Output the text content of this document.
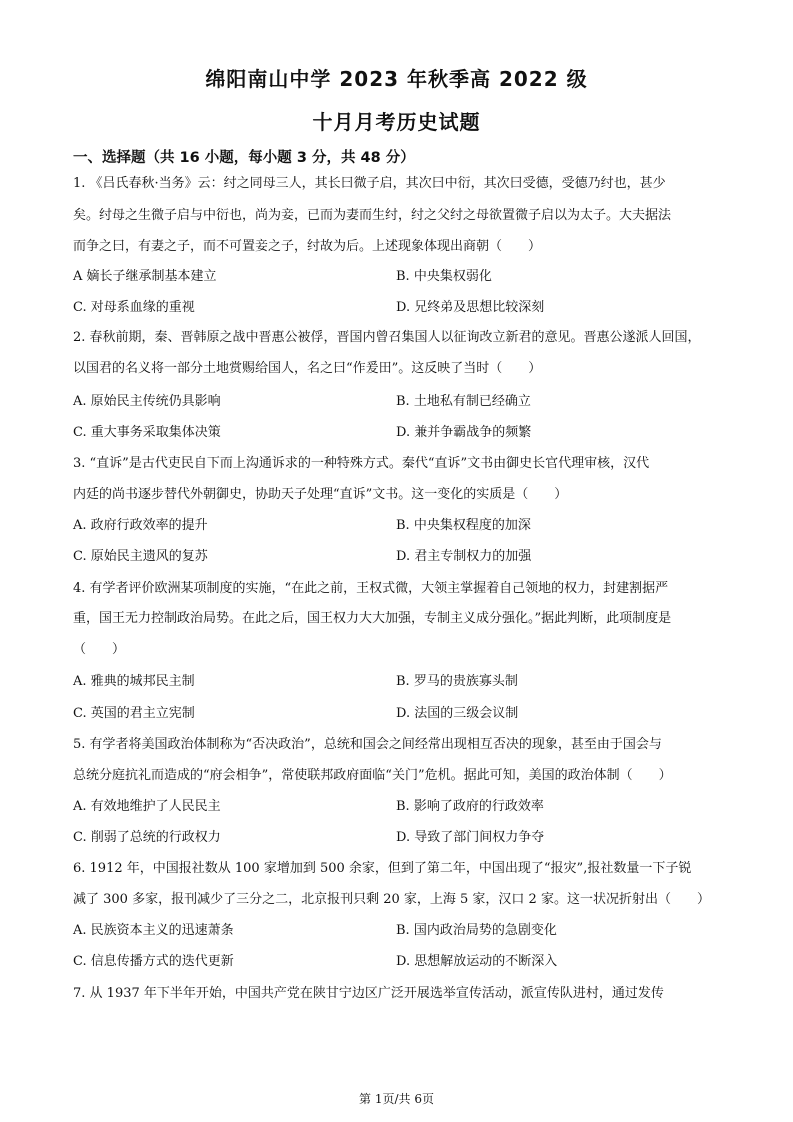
绵阳南山中学 2023 年秋季高 2022 级
十月月考历史试题
一、选择题（共 16 小题，每小题 3 分，共 48 分）
1. 《吕氏春秋·当务》云：纣之同母三人，其长曰微子启，其次曰中衍，其次曰受德，受德乃纣也，甚少
矣。纣母之生微子启与中衍也，尚为妾，已而为妻而生纣，纣之父纣之母欲置微子启以为太子。大夫据法
而争之曰，有妻之子，而不可置妾之子，纣故为后。上述现象体现出商朝（　　）
A 嫡长子继承制基本建立	B. 中央集权弱化
C. 对母系血缘的重视	D. 兄终弟及思想比较深刻
2. 春秋前期，秦、晋韩原之战中晋惠公被俘，晋国内曾召集国人以征询改立新君的意见。晋惠公遂派人回国，
以国君的名义将一部分土地赏赐给国人，名之曰“作爰田”。这反映了当时（　　）
A. 原始民主传统仍具影响	B. 土地私有制已经确立
C. 重大事务采取集体决策	D. 兼并争霸战争的频繁
3. “直诉”是古代吏民自下而上沟通诉求的一种特殊方式。秦代“直诉”文书由御史长官代理审核，汉代
内廷的尚书逐步替代外朝御史，协助天子处理“直诉”文书。这一变化的实质是（　　）
A. 政府行政效率的提升	B. 中央集权程度的加深
C. 原始民主遗风的复苏	D. 君主专制权力的加强
4. 有学者评价欧洲某项制度的实施，“在此之前，王权式微，大领主掌握着自己领地的权力，封建割据严
重，国王无力控制政治局势。在此之后，国王权力大大加强，专制主义成分强化。”据此判断，此项制度是
（　　）
A. 雅典的城邦民主制	B. 罗马的贵族寡头制
C. 英国的君主立宪制	D. 法国的三级会议制
5. 有学者将美国政治体制称为“否决政治”，总统和国会之间经常出现相互否决的现象，甚至由于国会与
总统分庭抗礼而造成的“府会相争”，常使联邦政府面临“关门”危机。据此可知，美国的政治体制（　　）
A. 有效地维护了人民民主	B. 影响了政府的行政效率
C. 削弱了总统的行政权力	D. 导致了部门间权力争夺
6. 1912 年，中国报社数从 100 家增加到 500 余家，但到了第二年，中国出现了“报灾”,报社数量一下子锐
减了 300 多家，报刊减少了三分之二，北京报刊只剩 20 家，上海 5 家，汉口 2 家。这一状况折射出（　　）
A. 民族资本主义的迅速萧条	B. 国内政治局势的急剧变化
C. 信息传播方式的迭代更新	D. 思想解放运动的不断深入
7. 从 1937 年下半年开始，中国共产党在陕甘宁边区广泛开展选举宣传活动，派宣传队进村，通过发传
第 1页/共 6页
